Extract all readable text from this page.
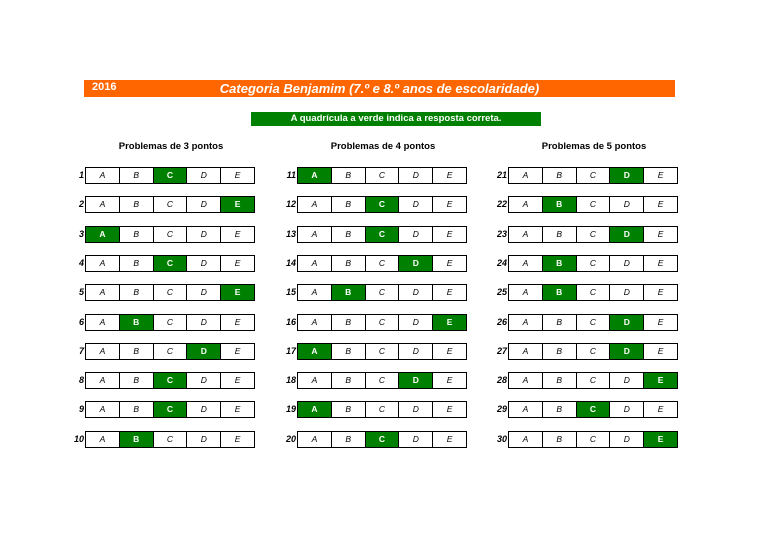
2016	Categoria Benjamim (7.º e 8.º anos de escolaridade)
A quadrícula a verde indica a resposta correta.
Problemas de 3 pontos
1	A	B	C	D	E
2	A	B	C	D	E
3	A	B	C	D	E
4	A	B	C	D	E
5	A	B	C	D	E
6	A	B	C	D	E
7	A	B	C	D	E
8	A	B	C	D	E
9	A	B	C	D	E
10	A	B	C	D	E
Problemas de 4 pontos
11	A	B	C	D	E
12	A	B	C	D	E
13	A	B	C	D	E
14	A	B	C	D	E
15	A	B	C	D	E
16	A	B	C	D	E
17	A	B	C	D	E
18	A	B	C	D	E
19	A	B	C	D	E
20	A	B	C	D	E
Problemas de 5 pontos
21	A	B	C	D	E
22	A	B	C	D	E
23	A	B	C	D	E
24	A	B	C	D	E
25	A	B	C	D	E
26	A	B	C	D	E
27	A	B	C	D	E
28	A	B	C	D	E
29	A	B	C	D	E
30	A	B	C	D	E
